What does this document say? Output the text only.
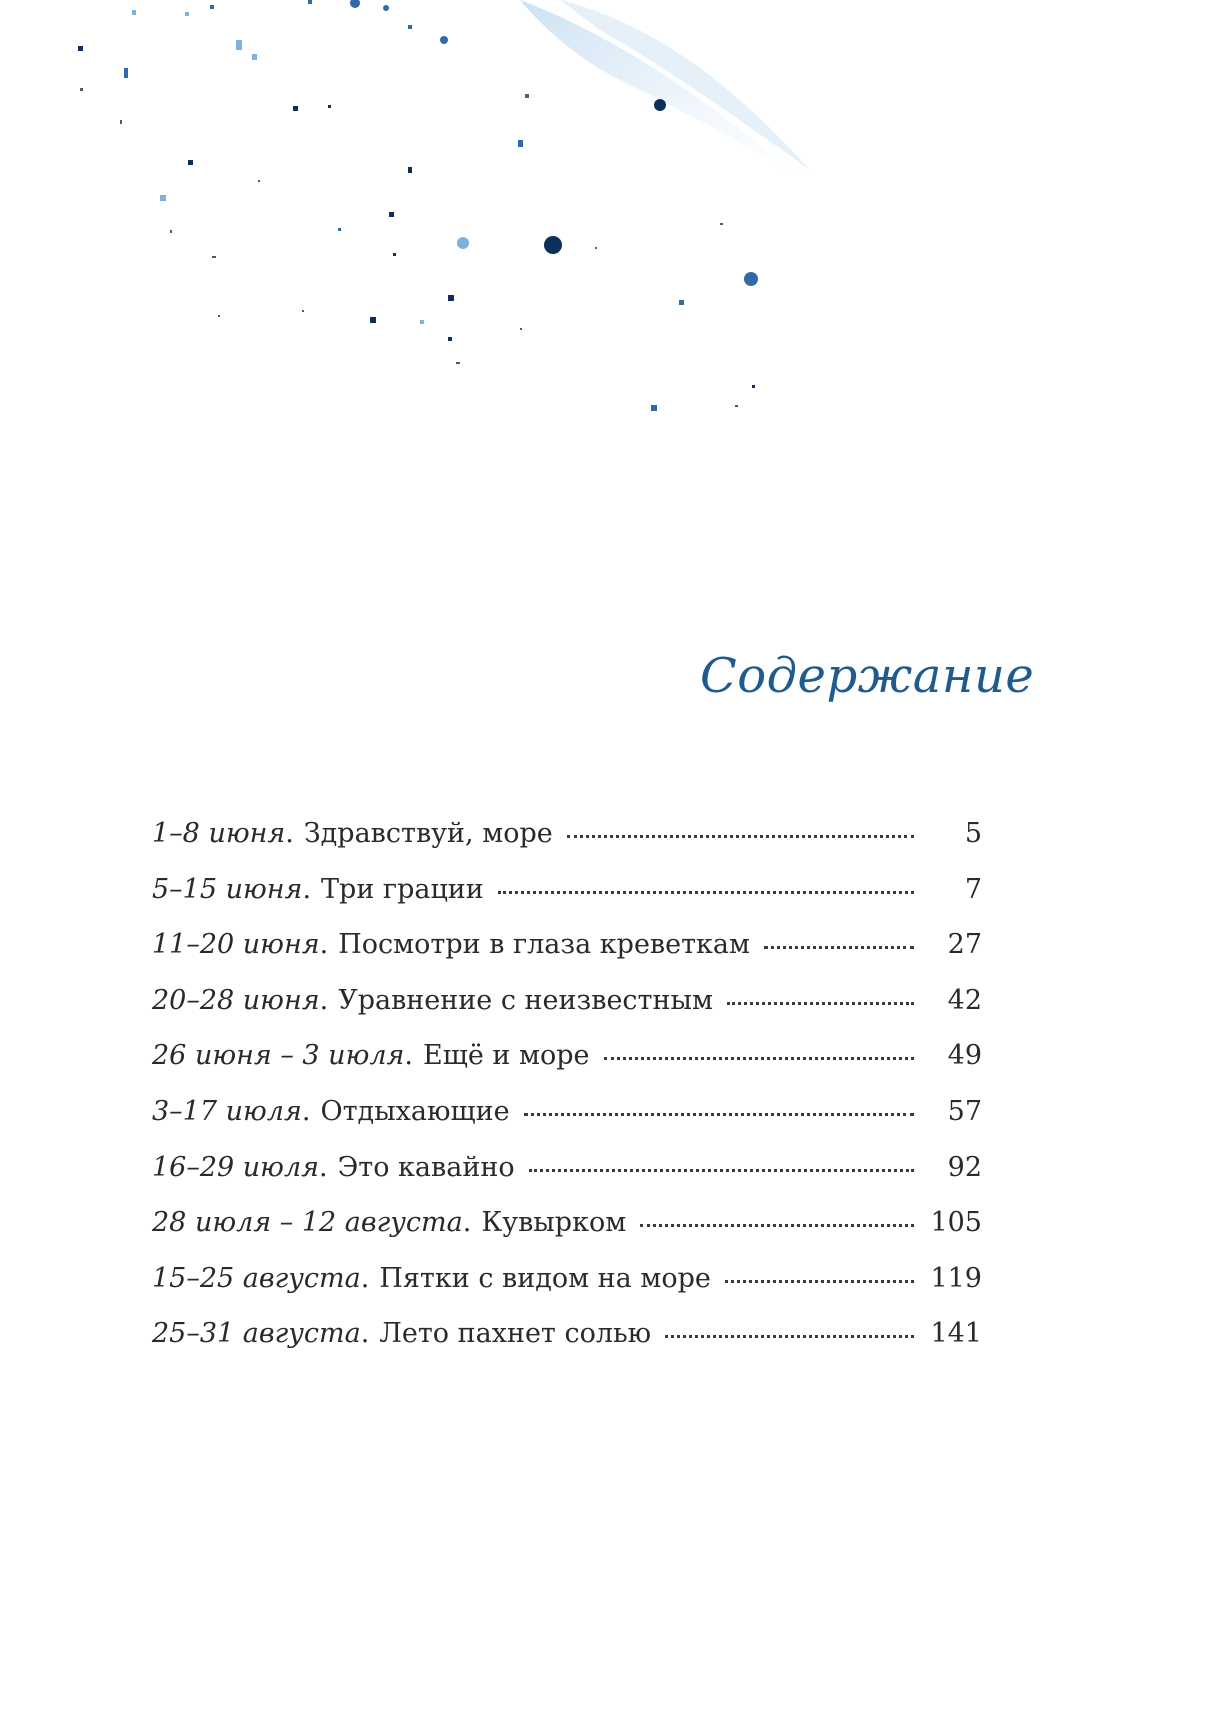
Содержание
1–8 июня . Здравствуй, море	5
5–15 июня . Три грации	7
11–20 июня . Посмотри в глаза креветкам	27
20–28 июня . Уравнение с неизвестным	42
26 июня – 3 июля . Ещё и море	49
3–17 июля . Отдыхающие	57
16–29 июля . Это кавайно	92
28 июля – 12 августа . Кувырком	105
15–25 августа . Пятки с видом на море	119
25–31 августа . Лето пахнет солью	141
